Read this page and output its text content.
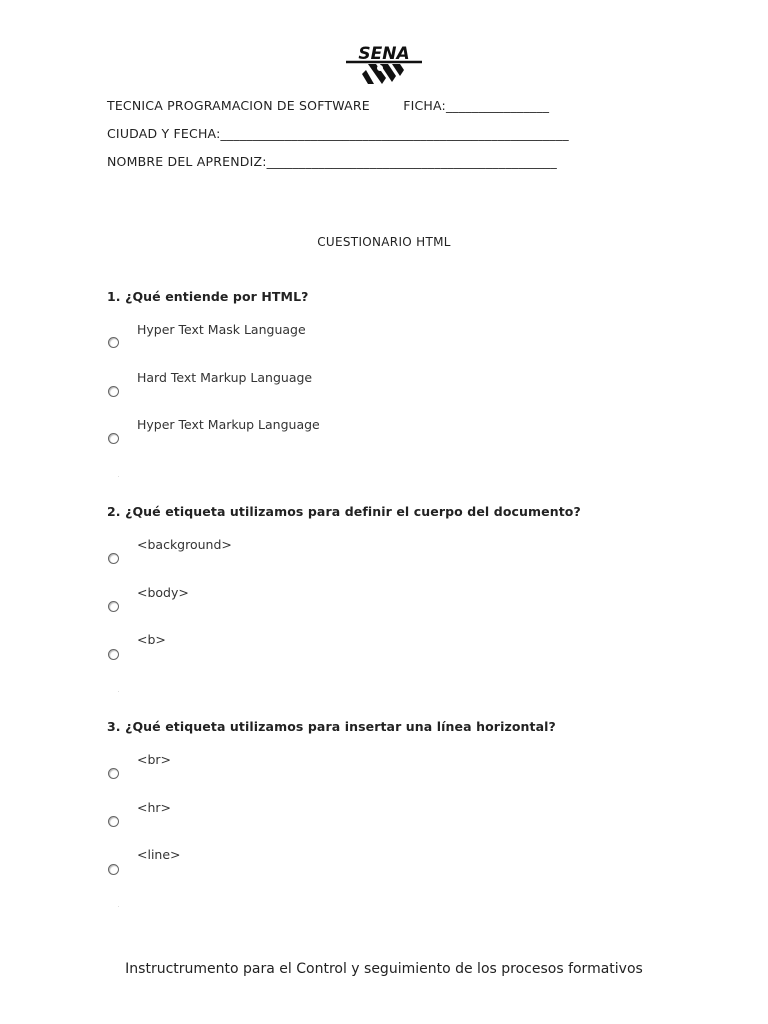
SENA
TECNICA PROGRAMACION DE SOFTWARE        FICHA:________________
CIUDAD Y FECHA:______________________________________________________
NOMBRE DEL APRENDIZ:_____________________________________________
CUESTIONARIO HTML
1. ¿Qué entiende por HTML?
Hyper Text Mask Language
Hard Text Markup Language
Hyper Text Markup Language
2. ¿Qué etiqueta utilizamos para definir el cuerpo del documento?
<background>
<body>
<b>
3. ¿Qué etiqueta utilizamos para insertar una línea horizontal?
<br>
<hr>
<line>
Instructrumento para el Control y seguimiento de los procesos formativos
